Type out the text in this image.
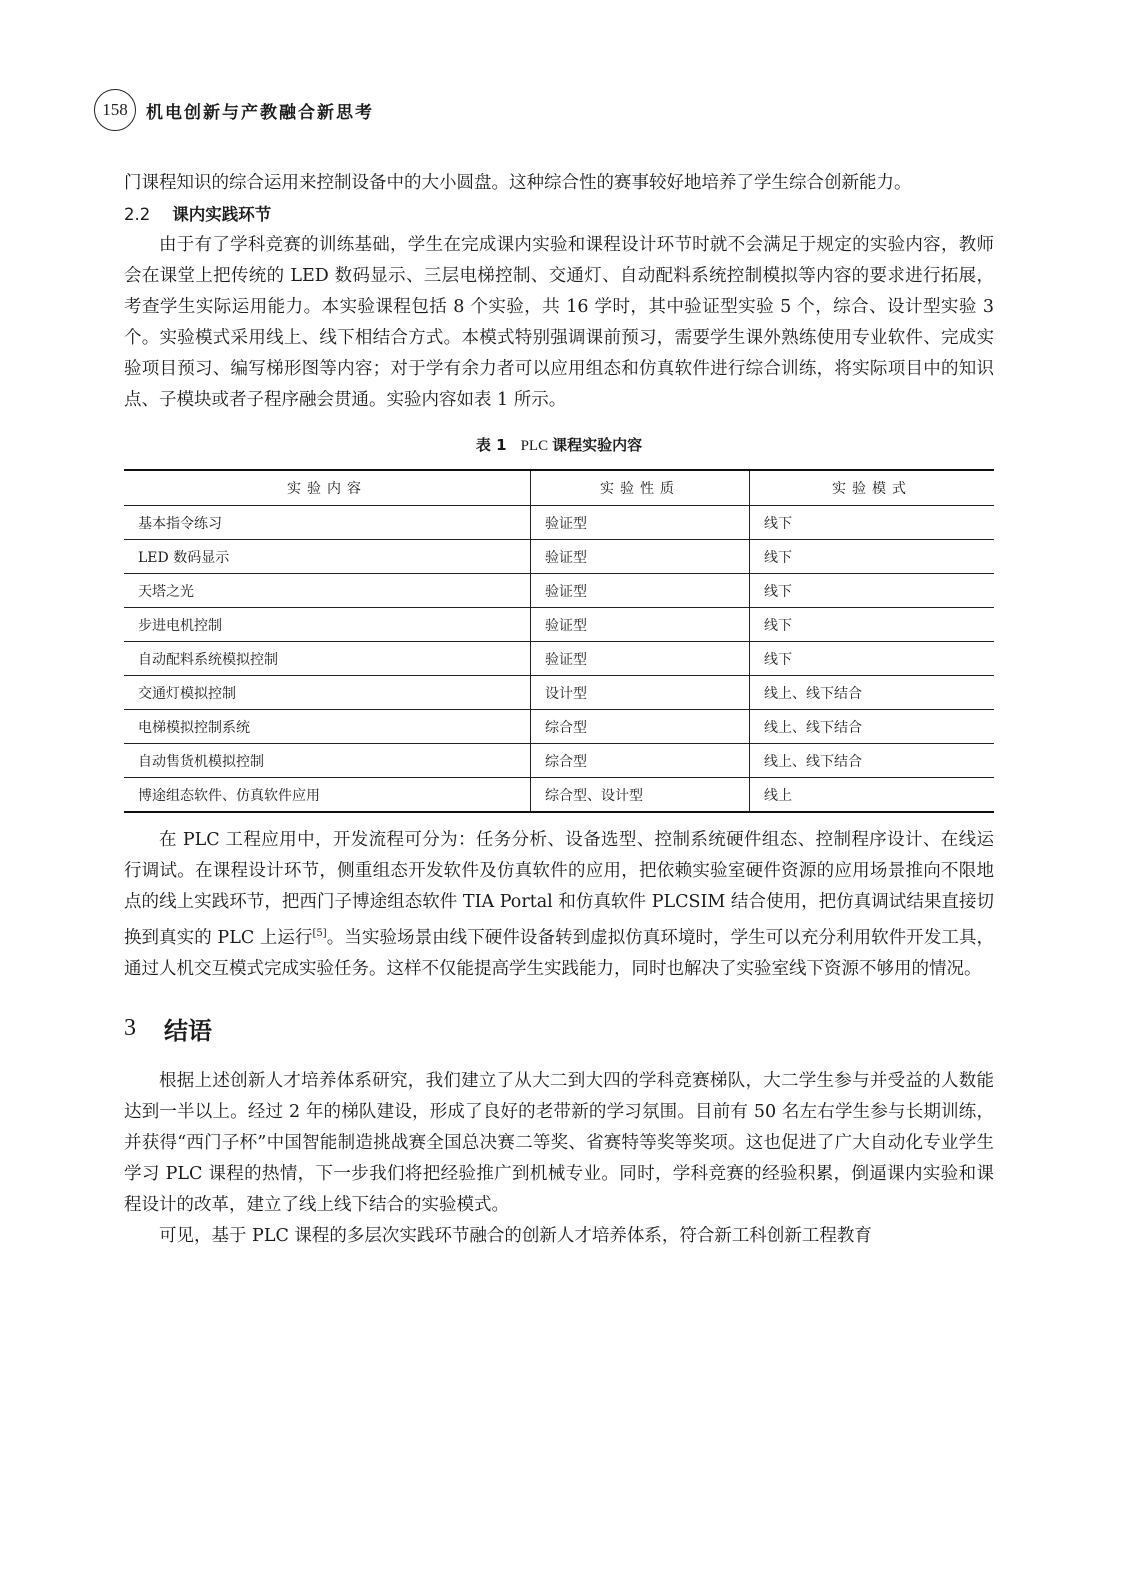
158	机电创新与产教融合新思考

门课程知识的综合运用来控制设备中的大小圆盘。这种综合性的赛事较好地培养了学生综合创新能力。

2.2 课内实践环节

由于有了学科竞赛的训练基础，学生在完成课内实验和课程设计环节时就不会满足于规定的实验内容，教师会在课堂上把传统的 LED 数码显示、三层电梯控制、交通灯、自动配料系统控制模拟等内容的要求进行拓展，考查学生实际运用能力。本实验课程包括 8 个实验，共 16 学时，其中验证型实验 5 个，综合、设计型实验 3 个。实验模式采用线上、线下相结合方式。本模式特别强调课前预习，需要学生课外熟练使用专业软件、完成实验项目预习、编写梯形图等内容；对于学有余力者可以应用组态和仿真软件进行综合训练，将实际项目中的知识点、子模块或者子程序融会贯通。实验内容如表 1 所示。

表 1 PLC 课程实验内容
实验内容	实验性质	实验模式
基本指令练习	验证型	线下
LED 数码显示	验证型	线下
天塔之光	验证型	线下
步进电机控制	验证型	线下
自动配料系统模拟控制	验证型	线下
交通灯模拟控制	设计型	线上、线下结合
电梯模拟控制系统	综合型	线上、线下结合
自动售货机模拟控制	综合型	线上、线下结合
博途组态软件、仿真软件应用	综合型、设计型	线上

在 PLC 工程应用中，开发流程可分为：任务分析、设备选型、控制系统硬件组态、控制程序设计、在线运行调试。在课程设计环节，侧重组态开发软件及仿真软件的应用，把依赖实验室硬件资源的应用场景推向不限地点的线上实践环节，把西门子博途组态软件 TIA Portal 和仿真软件 PLCSIM 结合使用，把仿真调试结果直接切换到真实的 PLC 上运行[5]。当实验场景由线下硬件设备转到虚拟仿真环境时，学生可以充分利用软件开发工具，通过人机交互模式完成实验任务。这样不仅能提高学生实践能力，同时也解决了实验室线下资源不够用的情况。

3	结语

根据上述创新人才培养体系研究，我们建立了从大二到大四的学科竞赛梯队，大二学生参与并受益的人数能达到一半以上。经过 2 年的梯队建设，形成了良好的老带新的学习氛围。目前有 50 名左右学生参与长期训练，并获得“西门子杯”中国智能制造挑战赛全国总决赛二等奖、省赛特等奖等奖项。这也促进了广大自动化专业学生学习 PLC 课程的热情，下一步我们将把经验推广到机械专业。同时，学科竞赛的经验积累，倒逼课内实验和课程设计的改革，建立了线上线下结合的实验模式。

可见，基于 PLC 课程的多层次实践环节融合的创新人才培养体系，符合新工科创新工程教育
